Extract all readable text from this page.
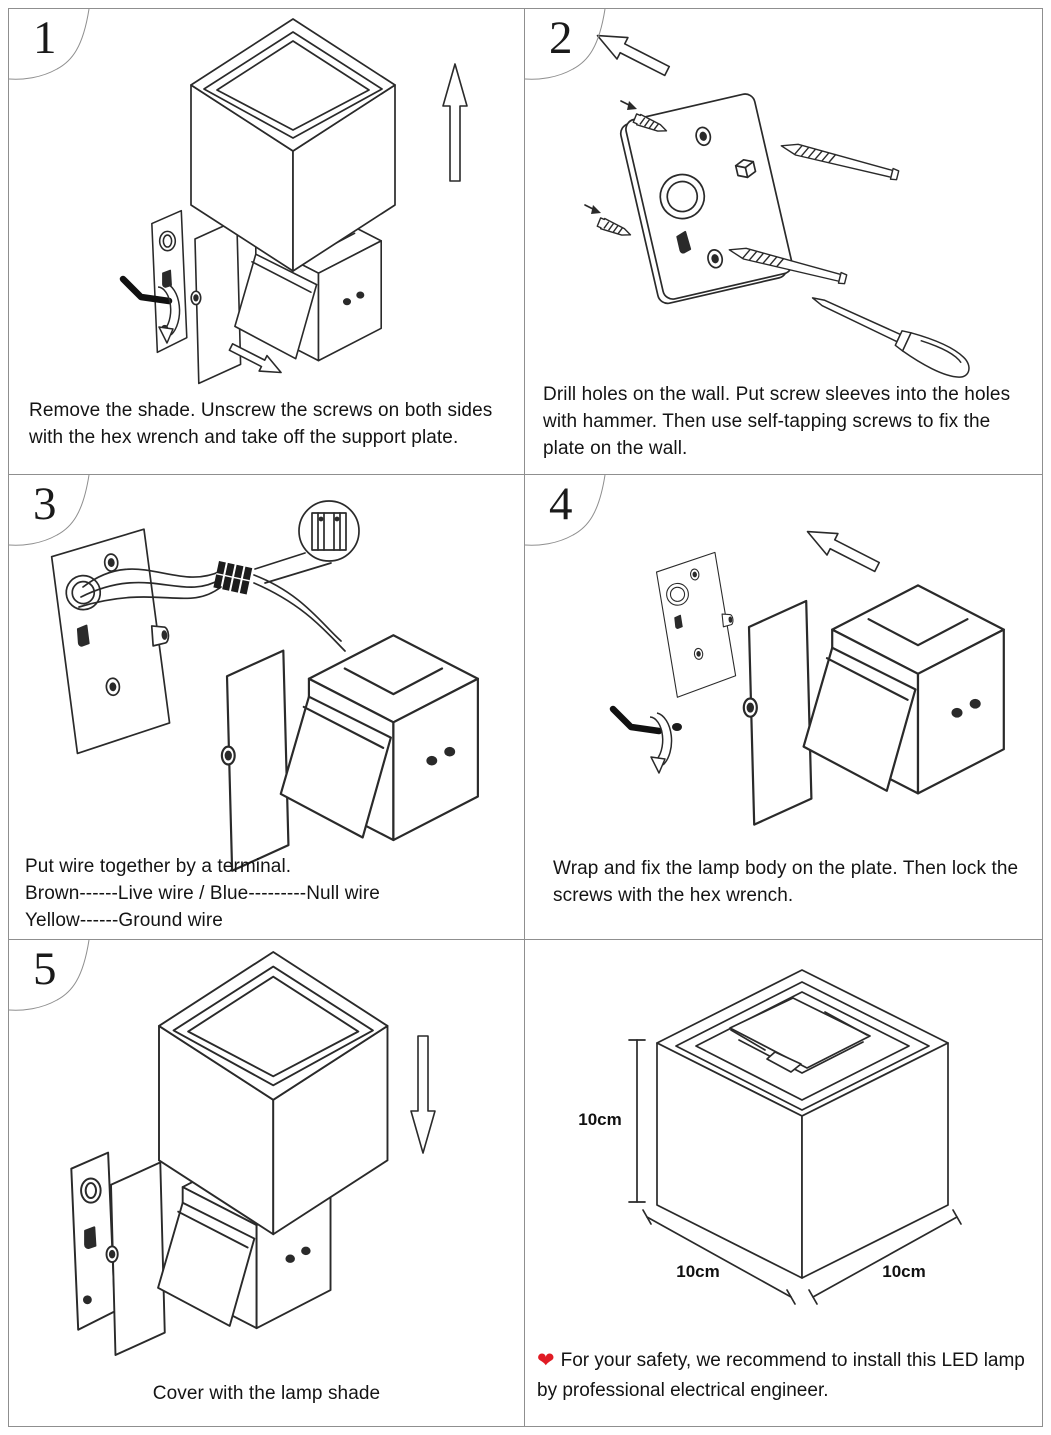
1
Remove the shade. Unscrew the screws on both sides with the hex wrench and take off the support plate.
2
Drill holes on the wall. Put screw sleeves into the holes with hammer. Then use self-tapping screws to fix the plate on the wall.
3
Put wire together by a terminal.
Brown------Live wire / Blue---------Null wire
Yellow------Ground wire
4
Wrap and fix the lamp body on the plate. Then lock the screws with the hex wrench.
5
Cover with the lamp shade
10cm
10cm	10cm
❤ For your safety, we recommend to install this LED lamp by professional electrical engineer.
